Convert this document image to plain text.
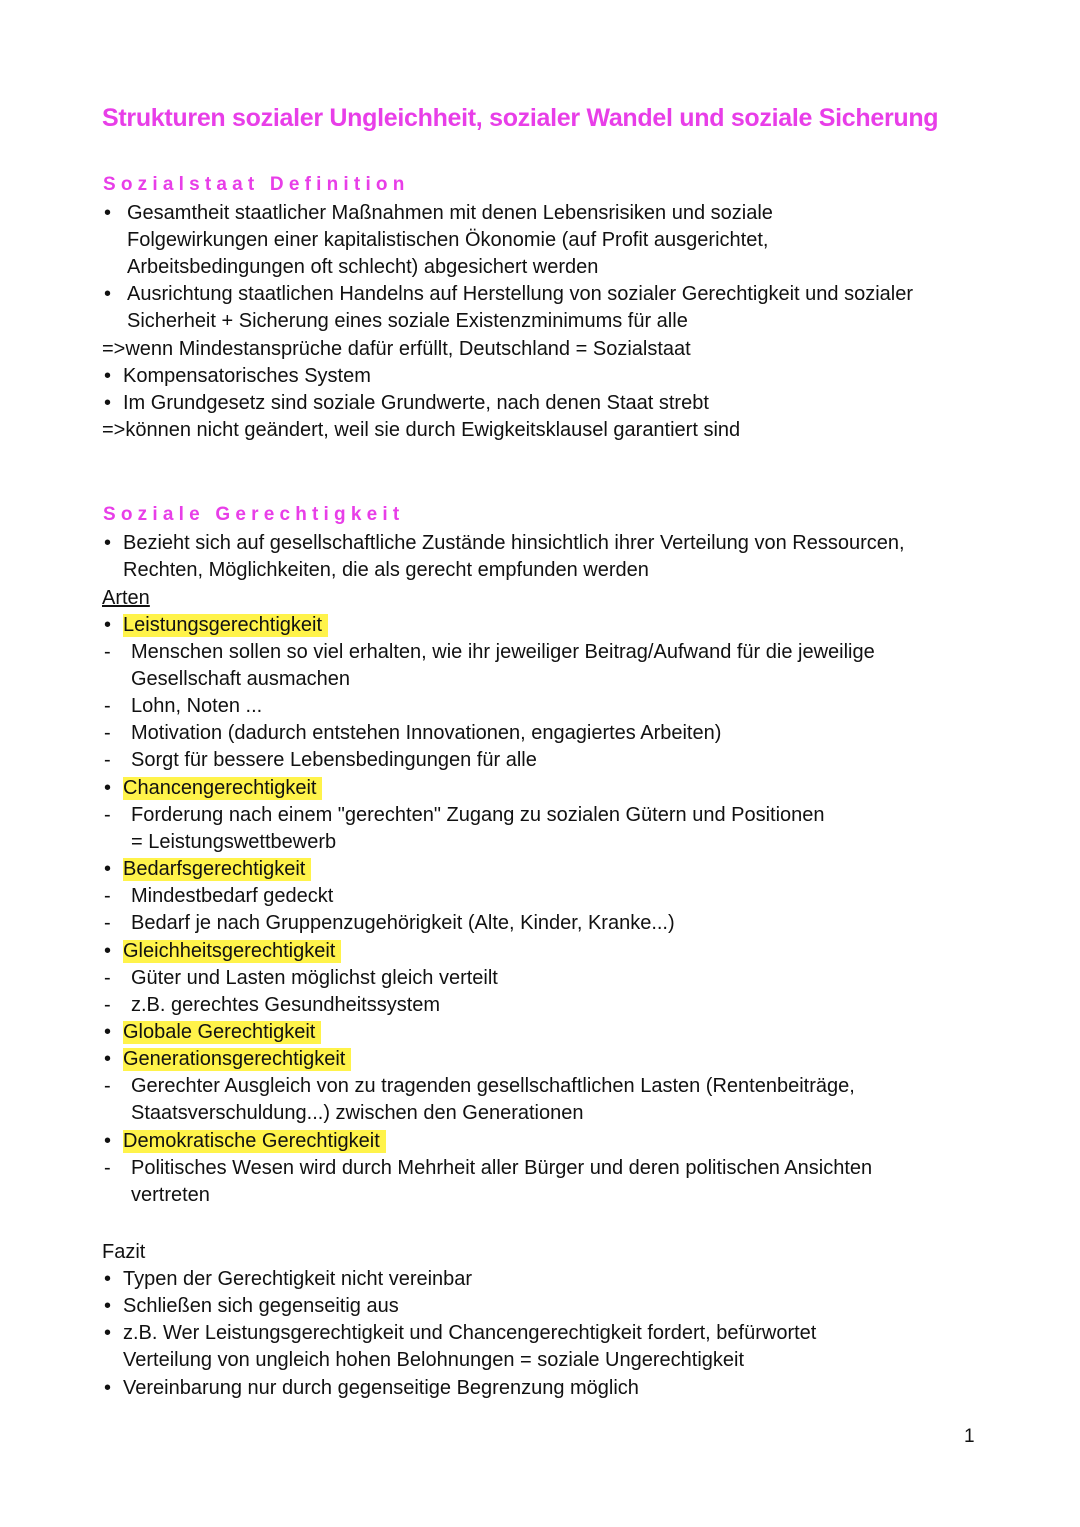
Strukturen sozialer Ungleichheit, sozialer Wandel und soziale Sicherung
Sozialstaat Definition
• Gesamtheit staatlicher Maßnahmen mit denen Lebensrisiken und soziale
Folgewirkungen einer kapitalistischen Ökonomie (auf Profit ausgerichtet,
Arbeitsbedingungen oft schlecht) abgesichert werden
• Ausrichtung staatlichen Handelns auf Herstellung von sozialer Gerechtigkeit und sozialer
Sicherheit + Sicherung eines soziale Existenzminimums für alle
=>wenn Mindestansprüche dafür erfüllt, Deutschland = Sozialstaat
• Kompensatorisches System
• Im Grundgesetz sind soziale Grundwerte, nach denen Staat strebt
=>können nicht geändert, weil sie durch Ewigkeitsklausel garantiert sind
Soziale Gerechtigkeit
• Bezieht sich auf gesellschaftliche Zustände hinsichtlich ihrer Verteilung von Ressourcen,
Rechten, Möglichkeiten, die als gerecht empfunden werden
Arten
• Leistungsgerechtigkeit
- Menschen sollen so viel erhalten, wie ihr jeweiliger Beitrag/Aufwand für die jeweilige
Gesellschaft ausmachen
- Lohn, Noten ...
- Motivation (dadurch entstehen Innovationen, engagiertes Arbeiten)
- Sorgt für bessere Lebensbedingungen für alle
• Chancengerechtigkeit
- Forderung nach einem "gerechten" Zugang zu sozialen Gütern und Positionen
= Leistungswettbewerb
• Bedarfsgerechtigkeit
- Mindestbedarf gedeckt
- Bedarf je nach Gruppenzugehörigkeit (Alte, Kinder, Kranke...)
• Gleichheitsgerechtigkeit
- Güter und Lasten möglichst gleich verteilt
- z.B. gerechtes Gesundheitssystem
• Globale Gerechtigkeit
• Generationsgerechtigkeit
- Gerechter Ausgleich von zu tragenden gesellschaftlichen Lasten (Rentenbeiträge,
Staatsverschuldung...) zwischen den Generationen
• Demokratische Gerechtigkeit
- Politisches Wesen wird durch Mehrheit aller Bürger und deren politischen Ansichten
vertreten
Fazit
• Typen der Gerechtigkeit nicht vereinbar
• Schließen sich gegenseitig aus
• z.B. Wer Leistungsgerechtigkeit und Chancengerechtigkeit fordert, befürwortet
Verteilung von ungleich hohen Belohnungen = soziale Ungerechtigkeit
• Vereinbarung nur durch gegenseitige Begrenzung möglich
1
